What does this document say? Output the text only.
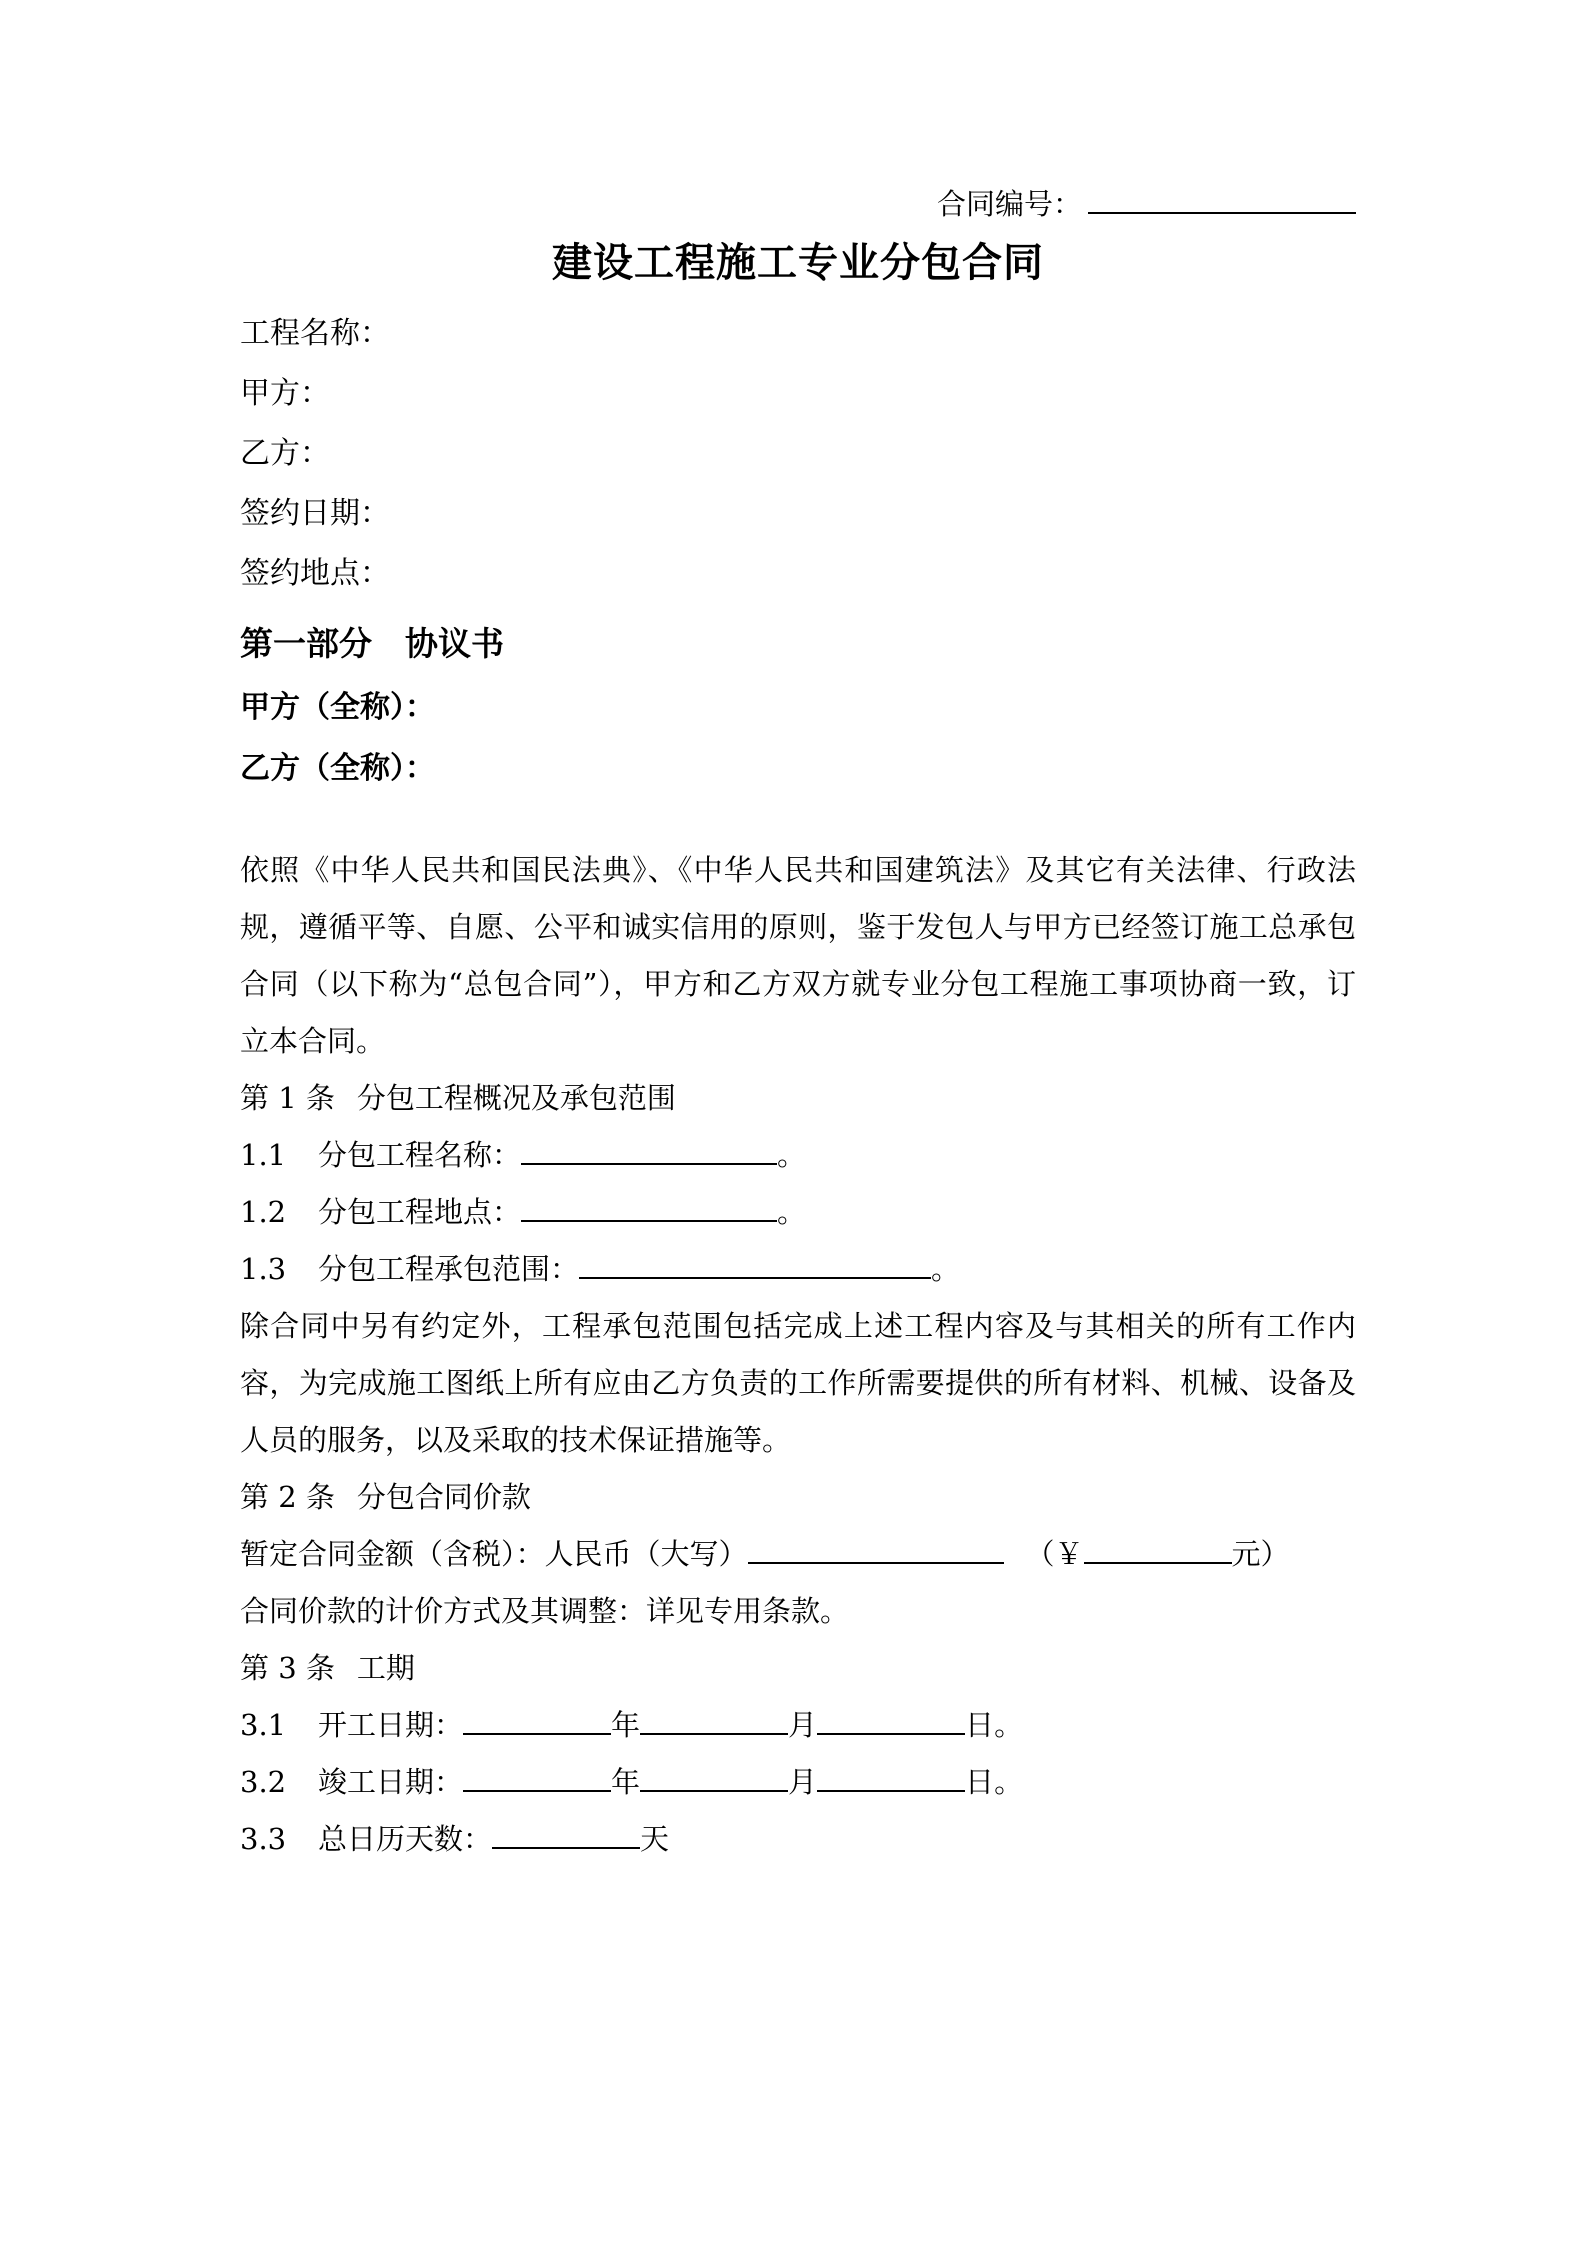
合同编号：
建设工程施工专业分包合同
工程名称：
甲方：
乙方：
签约日期：
签约地点：
第一部分　协议书
甲方（全称）：
乙方（全称）：
依照《中华人民共和国民法典》、《中华人民共和国建筑法》及其它有关法律、行政法规，遵循平等、自愿、公平和诚实信用的原则，鉴于发包人与甲方已经签订施工总承包合同（以下称为“总包合同”），甲方和乙方双方就专业分包工程施工事项协商一致，订立本合同。
第 1 条 分包工程概况及承包范围
1.1 分包工程名称：	。
1.2 分包工程地点：	。
1.3 分包工程承包范围：	。
除合同中另有约定外，工程承包范围包括完成上述工程内容及与其相关的所有工作内容，为完成施工图纸上所有应由乙方负责的工作所需要提供的所有材料、机械、设备及人员的服务，以及采取的技术保证措施等。
第 2 条 分包合同价款
暂定合同金额（含税）：人民币（大写）	（￥	元）
合同价款的计价方式及其调整：详见专用条款。
第 3 条 工期
3.1 开工日期：	年	月	日。
3.2 竣工日期：	年	月	日。
3.3 总日历天数：	天
